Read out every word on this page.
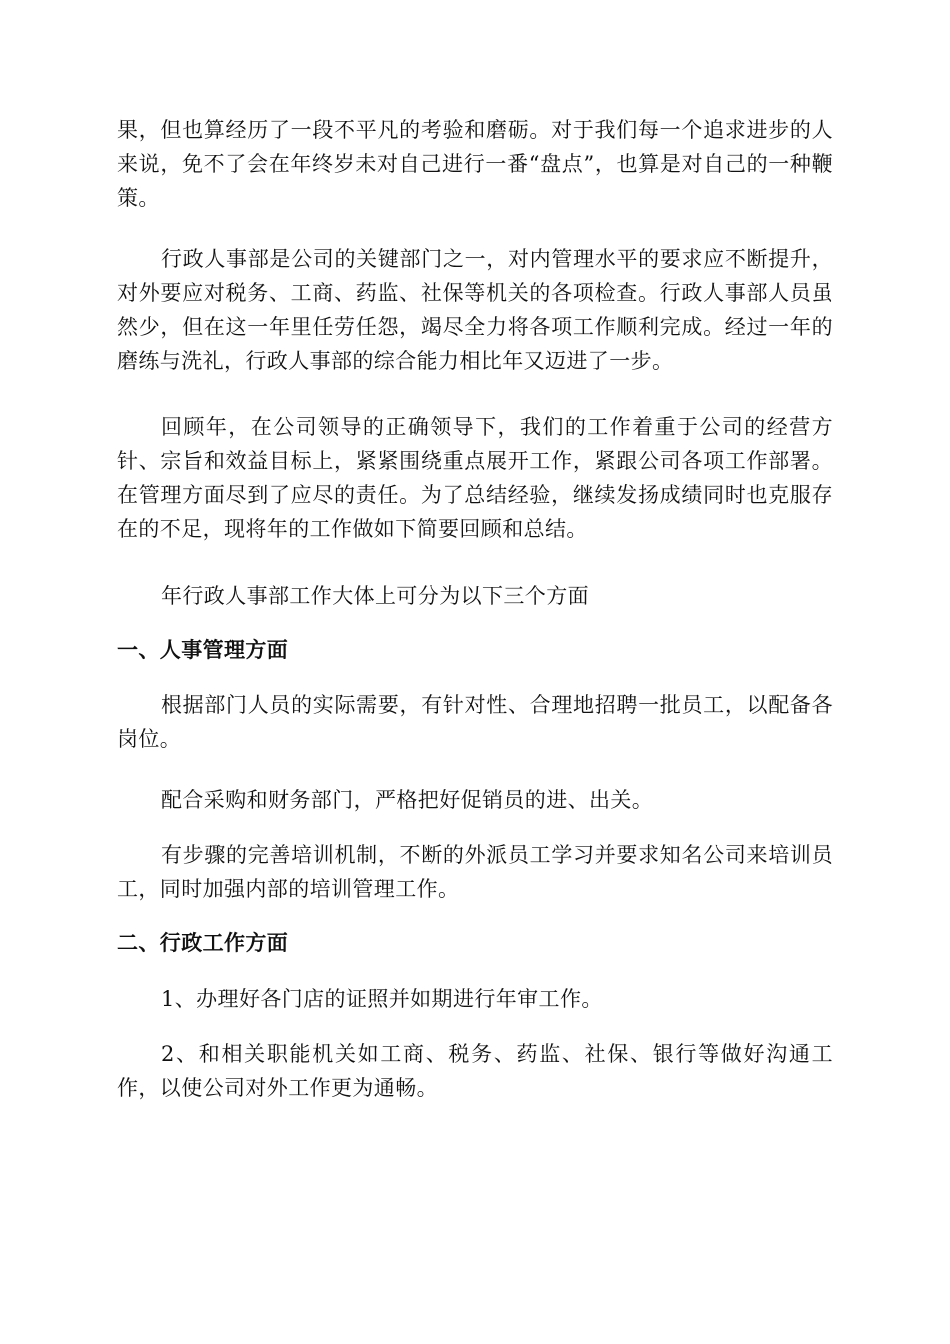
果，但也算经历了一段不平凡的考验和磨砺。对于我们每一个追求进步的人来说，免不了会在年终岁未对自己进行一番“盘点”，也算是对自己的一种鞭策。

行政人事部是公司的关键部门之一，对内管理水平的要求应不断提升，对外要应对税务、工商、药监、社保等机关的各项检查。行政人事部人员虽然少，但在这一年里任劳任怨，竭尽全力将各项工作顺利完成。经过一年的磨练与洗礼，行政人事部的综合能力相比年又迈进了一步。

回顾年，在公司领导的正确领导下，我们的工作着重于公司的经营方针、宗旨和效益目标上，紧紧围绕重点展开工作，紧跟公司各项工作部署。在管理方面尽到了应尽的责任。为了总结经验，继续发扬成绩同时也克服存在的不足，现将年的工作做如下简要回顾和总结。

年行政人事部工作大体上可分为以下三个方面

一、人事管理方面

根据部门人员的实际需要，有针对性、合理地招聘一批员工，以配备各岗位。

配合采购和财务部门，严格把好促销员的进、出关。

有步骤的完善培训机制，不断的外派员工学习并要求知名公司来培训员工，同时加强内部的培训管理工作。

二、行政工作方面

1、办理好各门店的证照并如期进行年审工作。

2、和相关职能机关如工商、税务、药监、社保、银行等做好沟通工作，以使公司对外工作更为通畅。
